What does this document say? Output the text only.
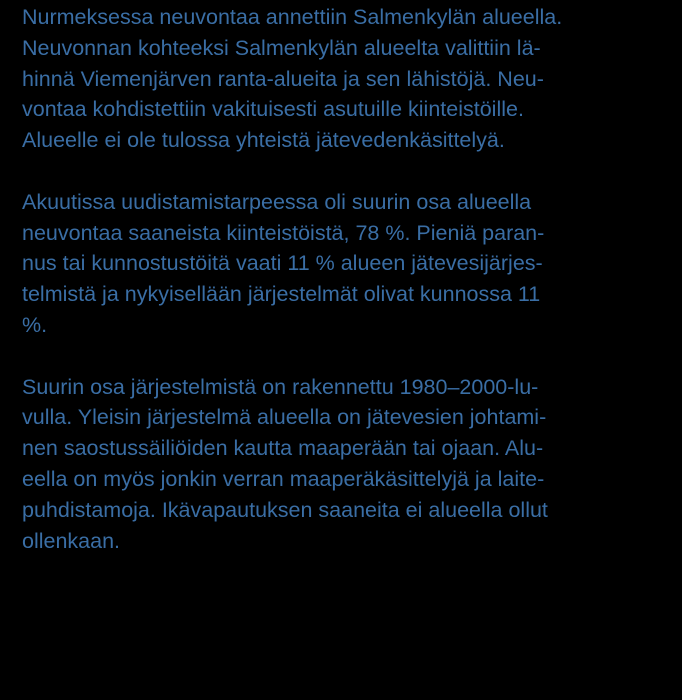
Nurmeksessa neuvontaa annettiin Salmenkylän alueella.
Neuvonnan kohteeksi Salmenkylän alueelta valittiin lä-
hinnä Viemenjärven ranta-alueita ja sen lähistöjä. Neu-
vontaa kohdistettiin vakituisesti asutuille kiinteistöille.
Alueelle ei ole tulossa yhteistä jätevedenkäsittelyä.

Akuutissa uudistamistarpeessa oli suurin osa alueella
neuvontaa saaneista kiinteistöistä, 78 %. Pieniä paran-
nus tai kunnostustöitä vaati 11 % alueen jätevesijärjes-
telmistä ja nykyisellään järjestelmät olivat kunnossa 11
%.

Suurin osa järjestelmistä on rakennettu 1980–2000-lu-
vulla. Yleisin järjestelmä alueella on jätevesien johtami-
nen saostussäiliöiden kautta maaperään tai ojaan. Alu-
eella on myös jonkin verran maaperäkäsittelyjä ja laite-
puhdistamoja. Ikävapautuksen saaneita ei alueella ollut
ollenkaan.
